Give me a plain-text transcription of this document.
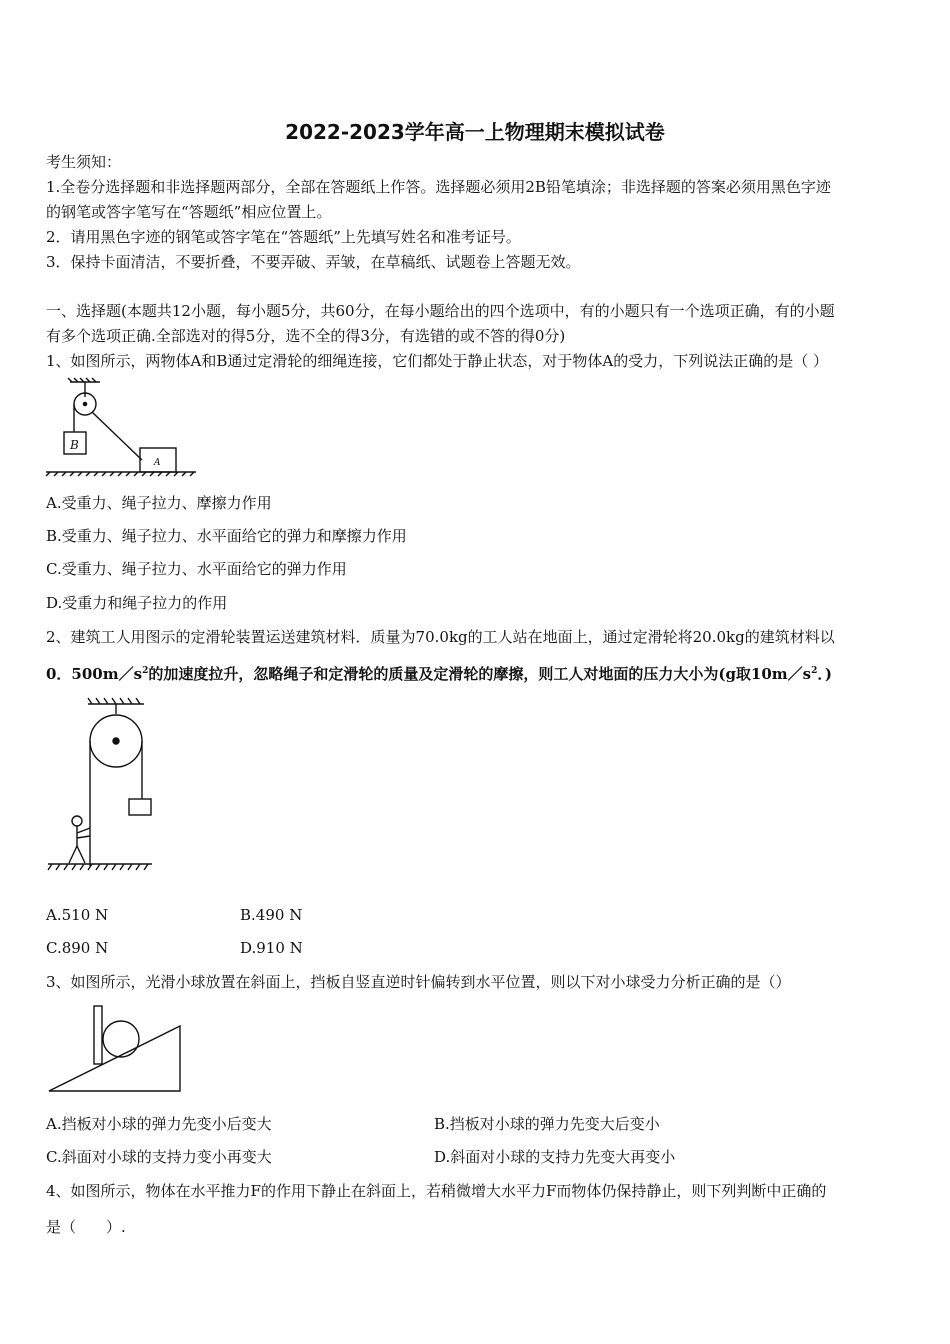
2022-2023学年高一上物理期末模拟试卷
考生须知：
1.全卷分选择题和非选择题两部分，全部在答题纸上作答。选择题必须用2B铅笔填涂；非选择题的答案必须用黑色字迹
的钢笔或答字笔写在“答题纸”相应位置上。
2．请用黑色字迹的钢笔或答字笔在“答题纸”上先填写姓名和准考证号。
3．保持卡面清洁，不要折叠，不要弄破、弄皱，在草稿纸、试题卷上答题无效。
一、选择题(本题共12小题，每小题5分，共60分，在每小题给出的四个选项中，有的小题只有一个选项正确，有的小题
有多个选项正确.全部选对的得5分，选不全的得3分，有选错的或不答的得0分)
1、如图所示，两物体A和B通过定滑轮的细绳连接，它们都处于静止状态，对于物体A的受力，下列说法正确的是（ ）
B
A
A.受重力、绳子拉力、摩擦力作用
B.受重力、绳子拉力、水平面给它的弹力和摩擦力作用
C.受重力、绳子拉力、水平面给它的弹力作用
D.受重力和绳子拉力的作用
2、建筑工人用图示的定滑轮装置运送建筑材料．质量为70.0kg的工人站在地面上，通过定滑轮将20.0kg的建筑材料以
0．$500m/s^2$的加速度拉升，忽略绳子和定滑轮的质量及定滑轮的摩擦，则工人对地面的压力大小为(g取$10m/s^2$．)
A.510 N	B.490 N
C.890 N	D.910 N
3、如图所示，光滑小球放置在斜面上，挡板自竖直逆时针偏转到水平位置，则以下对小球受力分析正确的是（）
A.挡板对小球的弹力先变小后变大	B.挡板对小球的弹力先变大后变小
C.斜面对小球的支持力变小再变大	D.斜面对小球的支持力先变大再变小
4、如图所示，物体在水平推力F的作用下静止在斜面上，若稍微增大水平力F而物体仍保持静止，则下列判断中正确的
是（　　）.
